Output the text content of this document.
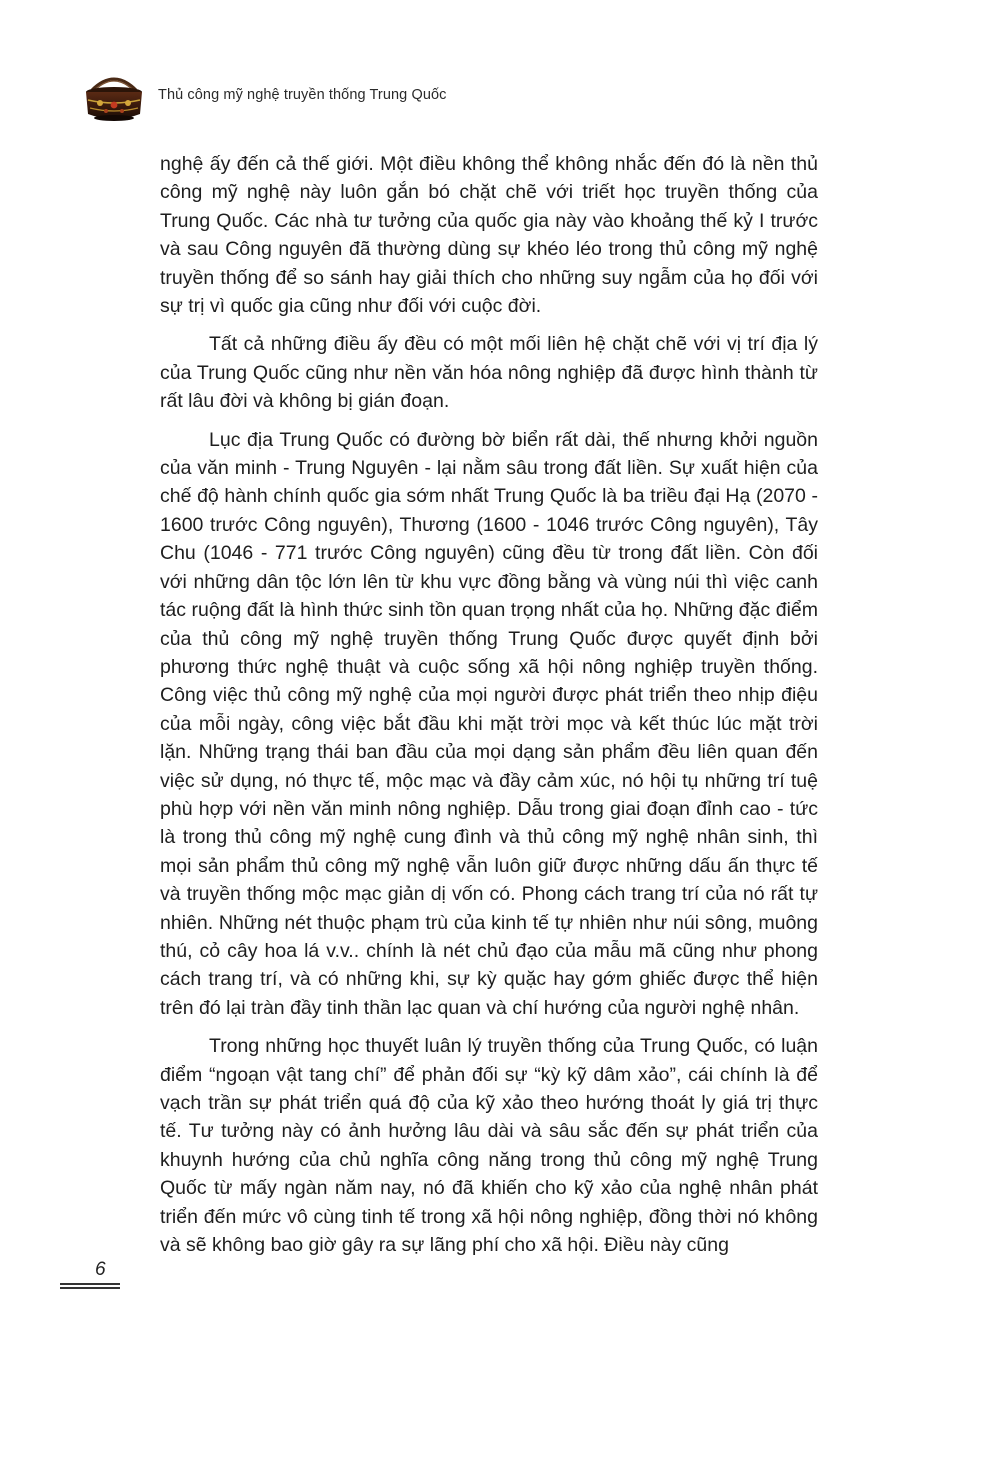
Thủ công mỹ nghệ truyền thống Trung Quốc

nghệ ấy đến cả thế giới. Một điều không thể không nhắc đến đó là nền thủ công mỹ nghệ này luôn gắn bó chặt chẽ với triết học truyền thống của Trung Quốc. Các nhà tư tưởng của quốc gia này vào khoảng thế kỷ I trước và sau Công nguyên đã thường dùng sự khéo léo trong thủ công mỹ nghệ truyền thống để so sánh hay giải thích cho những suy ngẫm của họ đối với sự trị vì quốc gia cũng như đối với cuộc đời.

Tất cả những điều ấy đều có một mối liên hệ chặt chẽ với vị trí địa lý của Trung Quốc cũng như nền văn hóa nông nghiệp đã được hình thành từ rất lâu đời và không bị gián đoạn.

Lục địa Trung Quốc có đường bờ biển rất dài, thế nhưng khởi nguồn của văn minh - Trung Nguyên - lại nằm sâu trong đất liền. Sự xuất hiện của chế độ hành chính quốc gia sớm nhất Trung Quốc là ba triều đại Hạ (2070 - 1600 trước Công nguyên), Thương (1600 - 1046 trước Công nguyên), Tây Chu (1046 - 771 trước Công nguyên) cũng đều từ trong đất liền. Còn đối với những dân tộc lớn lên từ khu vực đồng bằng và vùng núi thì việc canh tác ruộng đất là hình thức sinh tồn quan trọng nhất của họ. Những đặc điểm của thủ công mỹ nghệ truyền thống Trung Quốc được quyết định bởi phương thức nghệ thuật và cuộc sống xã hội nông nghiệp truyền thống. Công việc thủ công mỹ nghệ của mọi người được phát triển theo nhịp điệu của mỗi ngày, công việc bắt đầu khi mặt trời mọc và kết thúc lúc mặt trời lặn. Những trạng thái ban đầu của mọi dạng sản phẩm đều liên quan đến việc sử dụng, nó thực tế, mộc mạc và đầy cảm xúc, nó hội tụ những trí tuệ phù hợp với nền văn minh nông nghiệp. Dẫu trong giai đoạn đỉnh cao - tức là trong thủ công mỹ nghệ cung đình và thủ công mỹ nghệ nhân sinh, thì mọi sản phẩm thủ công mỹ nghệ vẫn luôn giữ được những dấu ấn thực tế và truyền thống mộc mạc giản dị vốn có. Phong cách trang trí của nó rất tự nhiên. Những nét thuộc phạm trù của kinh tế tự nhiên như núi sông, muông thú, cỏ cây hoa lá v.v.. chính là nét chủ đạo của mẫu mã cũng như phong cách trang trí, và có những khi, sự kỳ quặc hay gớm ghiếc được thể hiện trên đó lại tràn đầy tinh thần lạc quan và chí hướng của người nghệ nhân.

Trong những học thuyết luân lý truyền thống của Trung Quốc, có luận điểm “ngoạn vật tang chí” để phản đối sự “kỳ kỹ dâm xảo”, cái chính là để vạch trần sự phát triển quá độ của kỹ xảo theo hướng thoát ly giá trị thực tế. Tư tưởng này có ảnh hưởng lâu dài và sâu sắc đến sự phát triển của khuynh hướng của chủ nghĩa công năng trong thủ công mỹ nghệ Trung Quốc từ mấy ngàn năm nay, nó đã khiến cho kỹ xảo của nghệ nhân phát triển đến mức vô cùng tinh tế trong xã hội nông nghiệp, đồng thời nó không và sẽ không bao giờ gây ra sự lãng phí cho xã hội. Điều này cũng

6
